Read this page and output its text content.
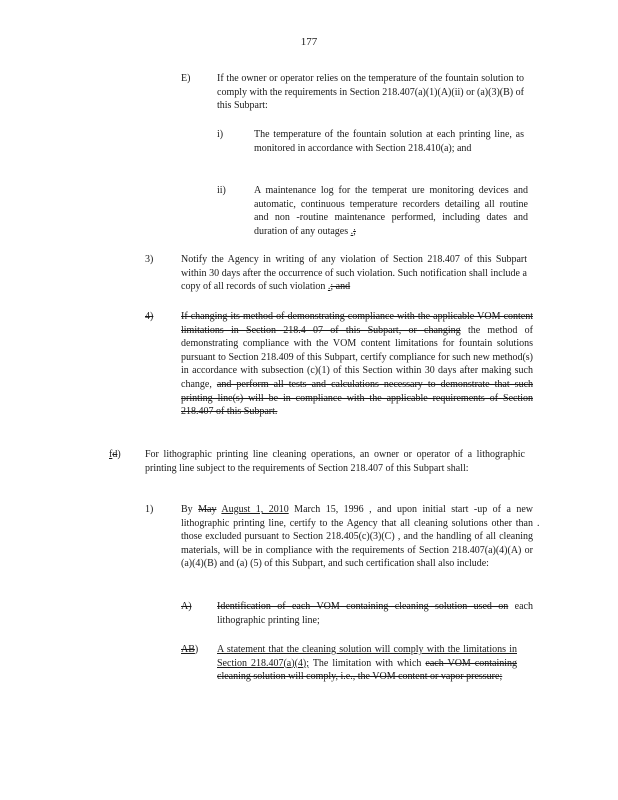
177
E)	If the owner or operator relies on the temperature of the fountain solution to comply with the requirements in Section 218.407(a)(1)(A)(ii) or (a)(3)(B) of this Subpart:
i)	The temperature of the fountain solution at each printing line, as monitored in accordance with Section 218.410(a); and
ii)	A maintenance log for the temperat ure monitoring devices and automatic, continuous temperature recorders detailing all routine and non -routine maintenance performed, including dates and duration of any outages .;
3)	Notify the Agency in writing of any violation of Section 218.407 of this Subpart within 30 days after the occurrence of such violation. Such notification shall include a copy of all records of such violation .; and
4)	If changing its method of demonstrating compliance with the applicable VOM content limitations in Section 218.4 07 of this Subpart, or changing the method of demonstrating compliance with the VOM content limitations for fountain solutions pursuant to Section 218.409 of this Subpart, certify compliance for such new method(s) in accordance with subsection (c)(1) of this Section within 30 days after making such change, and perform all tests and calculations necessary to demonstrate that such printing line(s) will be in compliance with the applicable requirements of Section 218.407 of this Subpart.
fd) For lithographic printing line cleaning operations, an owner or operator of a lithographic printing line subject to the requirements of Section 218.407 of this Subpart shall:
1)	By May August 1, 2010 March 15, 1996 , and upon initial start -up of a new lithographic printing line, certify to the Agency that all cleaning solutions other than those excluded pursuant to Section 218.405(c)(3)(C) , and the handling of all cleaning materials, will be in compliance with the requirements of Section 218.407(a)(4)(A) or (a)(4)(B) and (a) (5) of this Subpart, and such certification shall also include:
.
A)	Identification of each VOM containing cleaning solution used on each lithographic printing line;
AB) A statement that the cleaning solution will comply with the limitations in Section 218.407(a)(4); The limitation with which each VOM containing cleaning solution will comply, i.e., the VOM content or vapor pressure;
